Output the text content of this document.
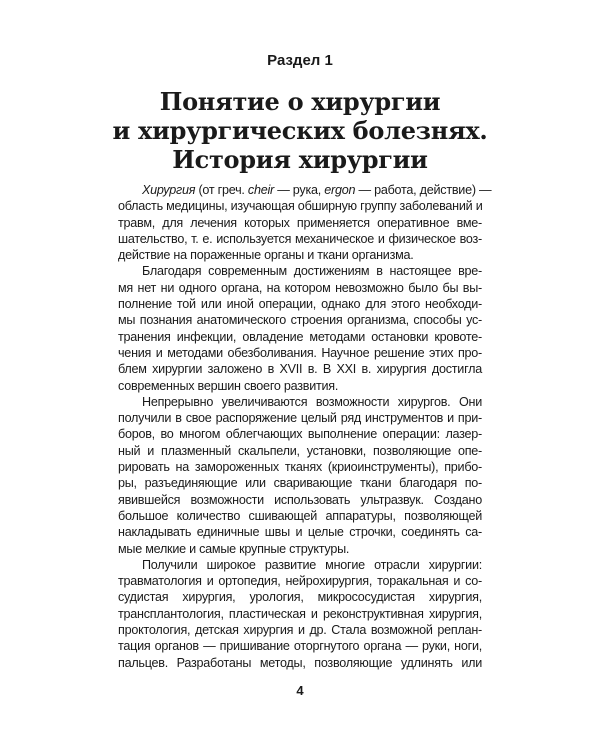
Раздел 1
Понятие о хирургии
и хирургических болезнях.
История хирургии
Хирургия (от греч. cheir — рука, ergon — работа, действие) —
область медицины, изучающая обширную группу заболеваний и
травм, для лечения которых применяется оперативное вме-
шательство, т. е. используется механическое и физическое воз-
действие на пораженные органы и ткани организма.
Благодаря современным достижениям в настоящее вре-
мя нет ни одного органа, на котором невозможно было бы вы-
полнение той или иной операции, однако для этого необходи-
мы познания анатомического строения организма, способы ус-
транения инфекции, овладение методами остановки кровоте-
чения и методами обезболивания. Научное решение этих про-
блем хирургии заложено в XVII в. В XXI в. хирургия достигла
современных вершин своего развития.
Непрерывно увеличиваются возможности хирургов. Они
получили в свое распоряжение целый ряд инструментов и при-
боров, во многом облегчающих выполнение операции: лазер-
ный и плазменный скальпели, установки, позволяющие опе-
рировать на замороженных тканях (криоинструменты), прибо-
ры, разъединяющие или сваривающие ткани благодаря по-
явившейся возможности использовать ультразвук. Создано
большое количество сшивающей аппаратуры, позволяющей
накладывать единичные швы и целые строчки, соединять са-
мые мелкие и самые крупные структуры.
Получили широкое развитие многие отрасли хирургии:
травматология и ортопедия, нейрохирургия, торакальная и со-
судистая хирургия, урология, микрососудистая хирургия,
трансплантология, пластическая и реконструктивная хирургия,
проктология, детская хирургия и др. Стала возможной реплан-
тация органов — пришивание оторгнутого органа — руки, ноги,
пальцев. Разработаны методы, позволяющие удлинять или
4
